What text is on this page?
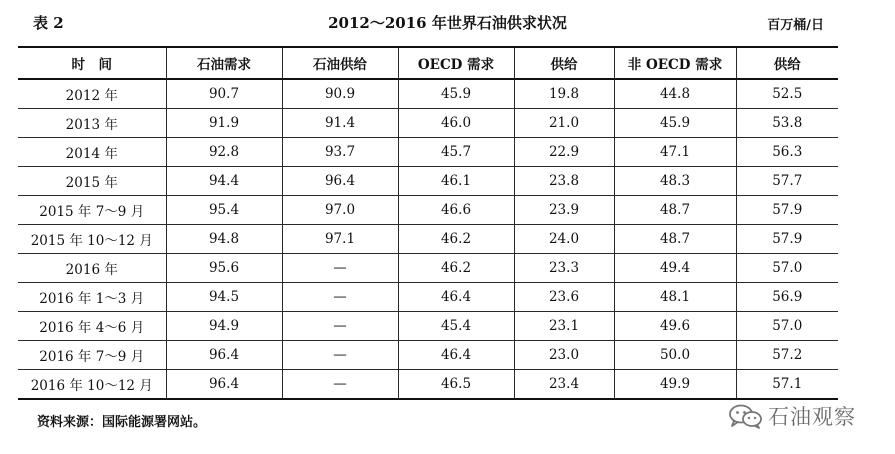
表 2	2012～2016 年世界石油供求状况	百万桶/日
时　间	石油需求	石油供给	OECD 需求	供给	非 OECD 需求	供给
2012 年	90.7	90.9	45.9	19.8	44.8	52.5
2013 年	91.9	91.4	46.0	21.0	45.9	53.8
2014 年	92.8	93.7	45.7	22.9	47.1	56.3
2015 年	94.4	96.4	46.1	23.8	48.3	57.7
2015 年 7～9 月	95.4	97.0	46.6	23.9	48.7	57.9
2015 年 10～12 月	94.8	97.1	46.2	24.0	48.7	57.9
2016 年	95.6	—	46.2	23.3	49.4	57.0
2016 年 1～3 月	94.5	—	46.4	23.6	48.1	56.9
2016 年 4～6 月	94.9	—	45.4	23.1	49.6	57.0
2016 年 7～9 月	96.4	—	46.4	23.0	50.0	57.2
2016 年 10～12 月	96.4	—	46.5	23.4	49.9	57.1
资料来源：国际能源署网站。	石油观察
